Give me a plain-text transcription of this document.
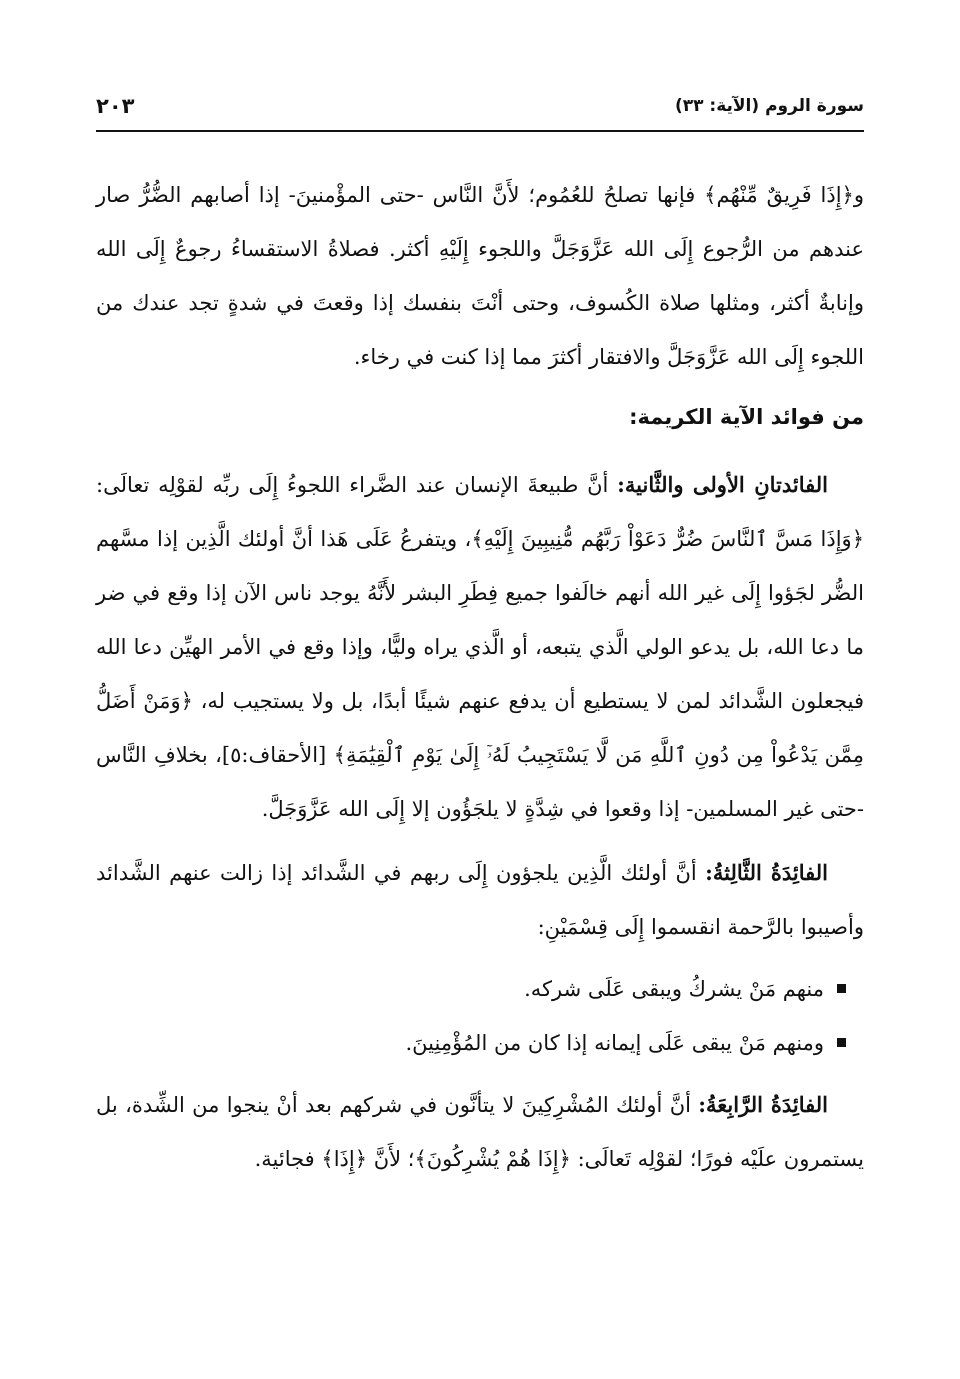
سورة الروم (الآية: ٣٣)
٢٠٣

و﴿إِذَا فَرِيقٌ مِّنْهُم﴾ فإنها تصلحُ للعُمُوم؛ لأَنَّ النَّاس -حتى المؤْمنينَ- إذا أصابهم الضُّرُّ صار عندهم من الرُّجوع إِلَى الله عَزَّوَجَلَّ واللجوء إِلَيْهِ أكثر. فصلاةُ الاستقساءُ رجوعٌ إِلَى الله وإنابةٌ أكثر، ومثلها صلاة الكُسوف، وحتى أنْتَ بنفسك إذا وقعتَ في شدةٍ تجد عندك من اللجوء إِلَى الله عَزَّوَجَلَّ والافتقار أكثرَ مما إذا كنت في رخاء.

من فوائد الآية الكريمة:

الفائدتانِ الأولى والثَّانية: أنَّ طبيعةَ الإنسان عند الضَّراء اللجوءُ إِلَى ربِّه لقوْلِه تعالَى: ﴿وَإِذَا مَسَّ ٱلنَّاسَ ضُرٌّ دَعَوْاْ رَبَّهُم مُّنِيبِينَ إِلَيْهِ﴾، ويتفرعُ عَلَى هَذا أنَّ أولئك الَّذِين إذا مسَّهم الضُّر لجَؤوا إِلَى غير الله أنهم خالَفوا جميع فِطَرِ البشر لأَنَّهُ يوجد ناس الآن إذا وقع في ضر ما دعا الله، بل يدعو الولي الَّذي يتبعه، أو الَّذي يراه وليًّا، وإذا وقع في الأمر الهيِّن دعا الله فيجعلون الشَّدائد لمن لا يستطيع أن يدفع عنهم شيئًا أبدًا، بل ولا يستجيب له، ﴿وَمَنْ أَضَلُّ مِمَّن يَدْعُواْ مِن دُونِ ٱللَّهِ مَن لَّا يَسْتَجِيبُ لَهُۥٓ إِلَىٰ يَوْمِ ٱلْقِيَٰمَةِ﴾ [الأحقاف:٥]، بخلافِ النَّاس -حتى غير المسلمين- إذا وقعوا في شِدَّةٍ لا يلجَؤُون إلا إِلَى الله عَزَّوَجَلَّ.

الفائِدَةُ الثَّالِثةُ: أنَّ أولئك الَّذِين يلجؤون إِلَى ربهم في الشَّدائد إذا زالت عنهم الشَّدائد وأصيبوا بالرَّحمة انقسموا إِلَى قِسْمَيْنِ:

منهم مَنْ يشركُ ويبقى عَلَى شركه.
ومنهم مَنْ يبقى عَلَى إيمانه إذا كان من المُؤْمِنِينَ.

الفائِدَةُ الرَّابِعَةُ: أنَّ أولئك المُشْرِكِينَ لا يتأنَّون في شركهم بعد أنْ ينجوا من الشِّدة، بل يستمرون علَيْه فورًا؛ لقوْلِه تَعالَى: ﴿إِذَا هُمْ يُشْرِكُونَ﴾؛ لأَنَّ ﴿إِذَا﴾ فجائية.
